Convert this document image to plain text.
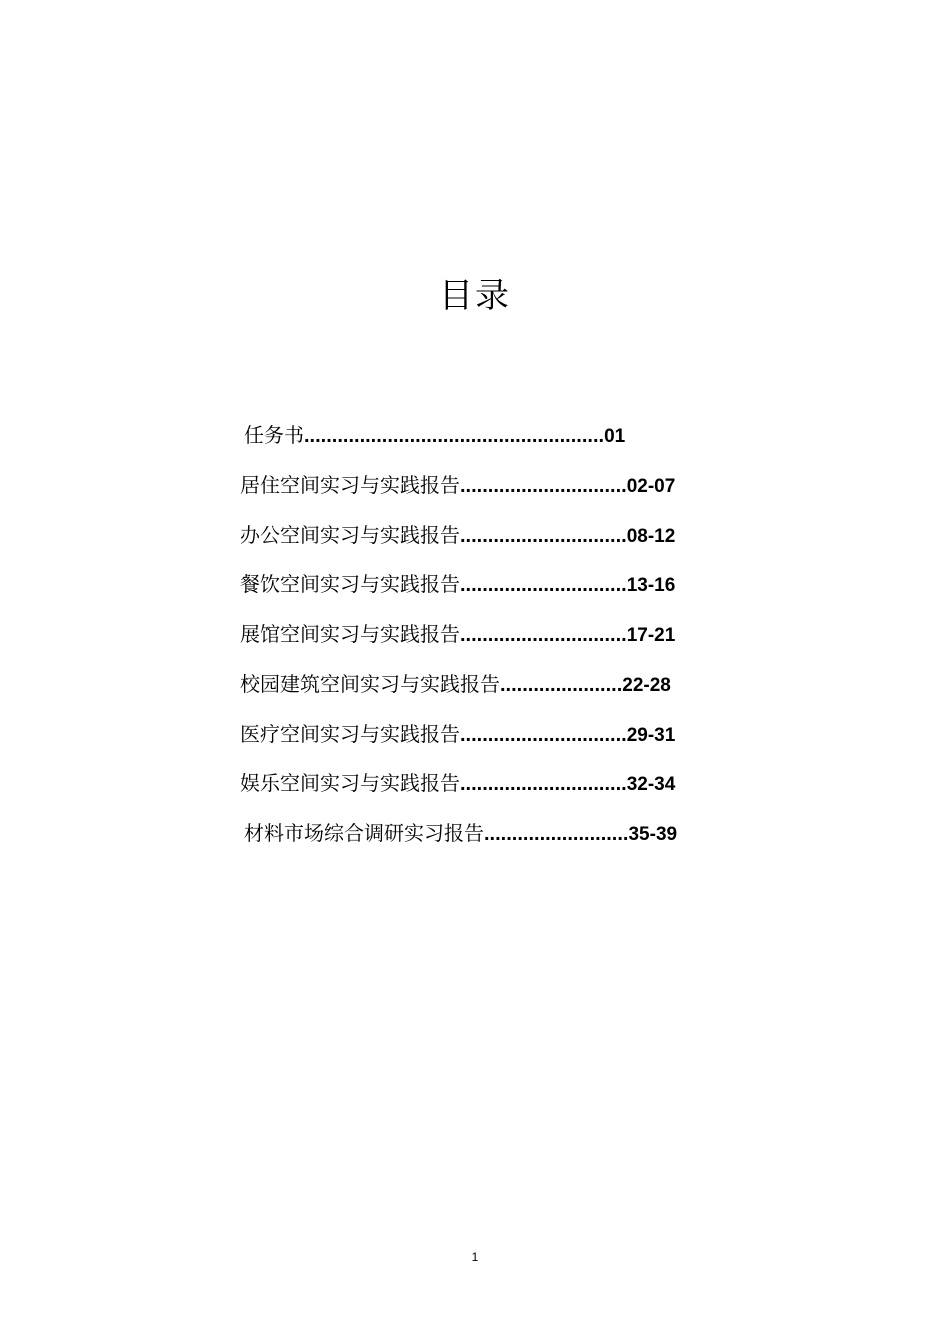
目录
任务书......................................................01
居住空间实习与实践报告..............................02-07
办公空间实习与实践报告..............................08-12
餐饮空间实习与实践报告..............................13-16
展馆空间实习与实践报告..............................17-21
校园建筑空间实习与实践报告......................22-28
医疗空间实习与实践报告..............................29-31
娱乐空间实习与实践报告..............................32-34
材料市场综合调研实习报告..........................35-39
1
